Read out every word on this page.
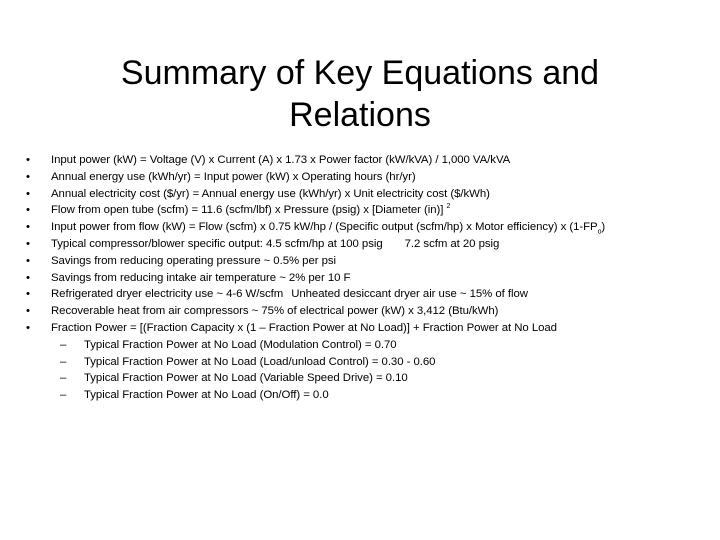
Summary of Key Equations and
Relations
•	Input power (kW) = Voltage (V) x Current (A) x 1.73 x Power factor (kW/kVA) / 1,000 VA/kVA
•	Annual energy use (kWh/yr) = Input power (kW) x Operating hours (hr/yr)
•	Annual electricity cost ($/yr) = Annual energy use (kWh/yr) x Unit electricity cost ($/kWh)
•	Flow from open tube (scfm) = 11.6 (scfm/lbf) x Pressure (psig) x [Diameter (in)] $^2$
•	Input power from flow (kW) = Flow (scfm) x 0.75 kW/hp / (Specific output (scfm/hp) x Motor efficiency) x $(1-FP_o)$
•	Typical compressor/blower specific output: 4.5 scfm/hp at 100 psig 7.2 scfm at 20 psig
•	Savings from reducing operating pressure ~ 0.5% per psi
•	Savings from reducing intake air temperature ~ 2% per 10 F
•	Refrigerated dryer electricity use ~ 4-6 W/scfm Unheated desiccant dryer air use ~ 15% of flow
•	Recoverable heat from air compressors ~ 75% of electrical power (kW) x 3,412 (Btu/kWh)
•	Fraction Power = [(Fraction Capacity x (1 – Fraction Power at No Load)] + Fraction Power at No Load
– Typical Fraction Power at No Load (Modulation Control) = 0.70
– Typical Fraction Power at No Load (Load/unload Control) = 0.30 - 0.60
– Typical Fraction Power at No Load (Variable Speed Drive) = 0.10
– Typical Fraction Power at No Load (On/Off) = 0.0
